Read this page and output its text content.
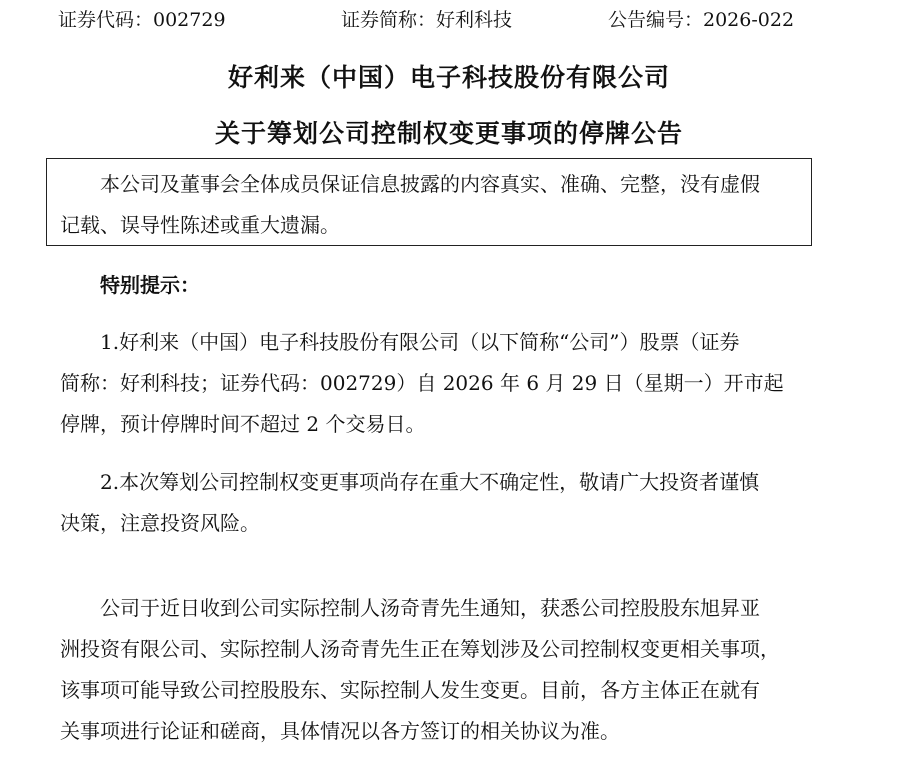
证券代码：002729	证券简称：好利科技	公告编号：2026-022
好利来（中国）电子科技股份有限公司
关于筹划公司控制权变更事项的停牌公告
　　本公司及董事会全体成员保证信息披露的内容真实、准确、完整，没有虚假
记载、误导性陈述或重大遗漏。
特别提示：
　　1.好利来（中国）电子科技股份有限公司（以下简称“公司”）股票（证券
简称：好利科技；证券代码：002729）自 2026 年 6 月 29 日（星期一）开市起
停牌，预计停牌时间不超过 2 个交易日。
　　2.本次筹划公司控制权变更事项尚存在重大不确定性，敬请广大投资者谨慎
决策，注意投资风险。
　　公司于近日收到公司实际控制人汤奇青先生通知，获悉公司控股股东旭昇亚
洲投资有限公司、实际控制人汤奇青先生正在筹划涉及公司控制权变更相关事项，
该事项可能导致公司控股股东、实际控制人发生变更。目前，各方主体正在就有
关事项进行论证和磋商，具体情况以各方签订的相关协议为准。
